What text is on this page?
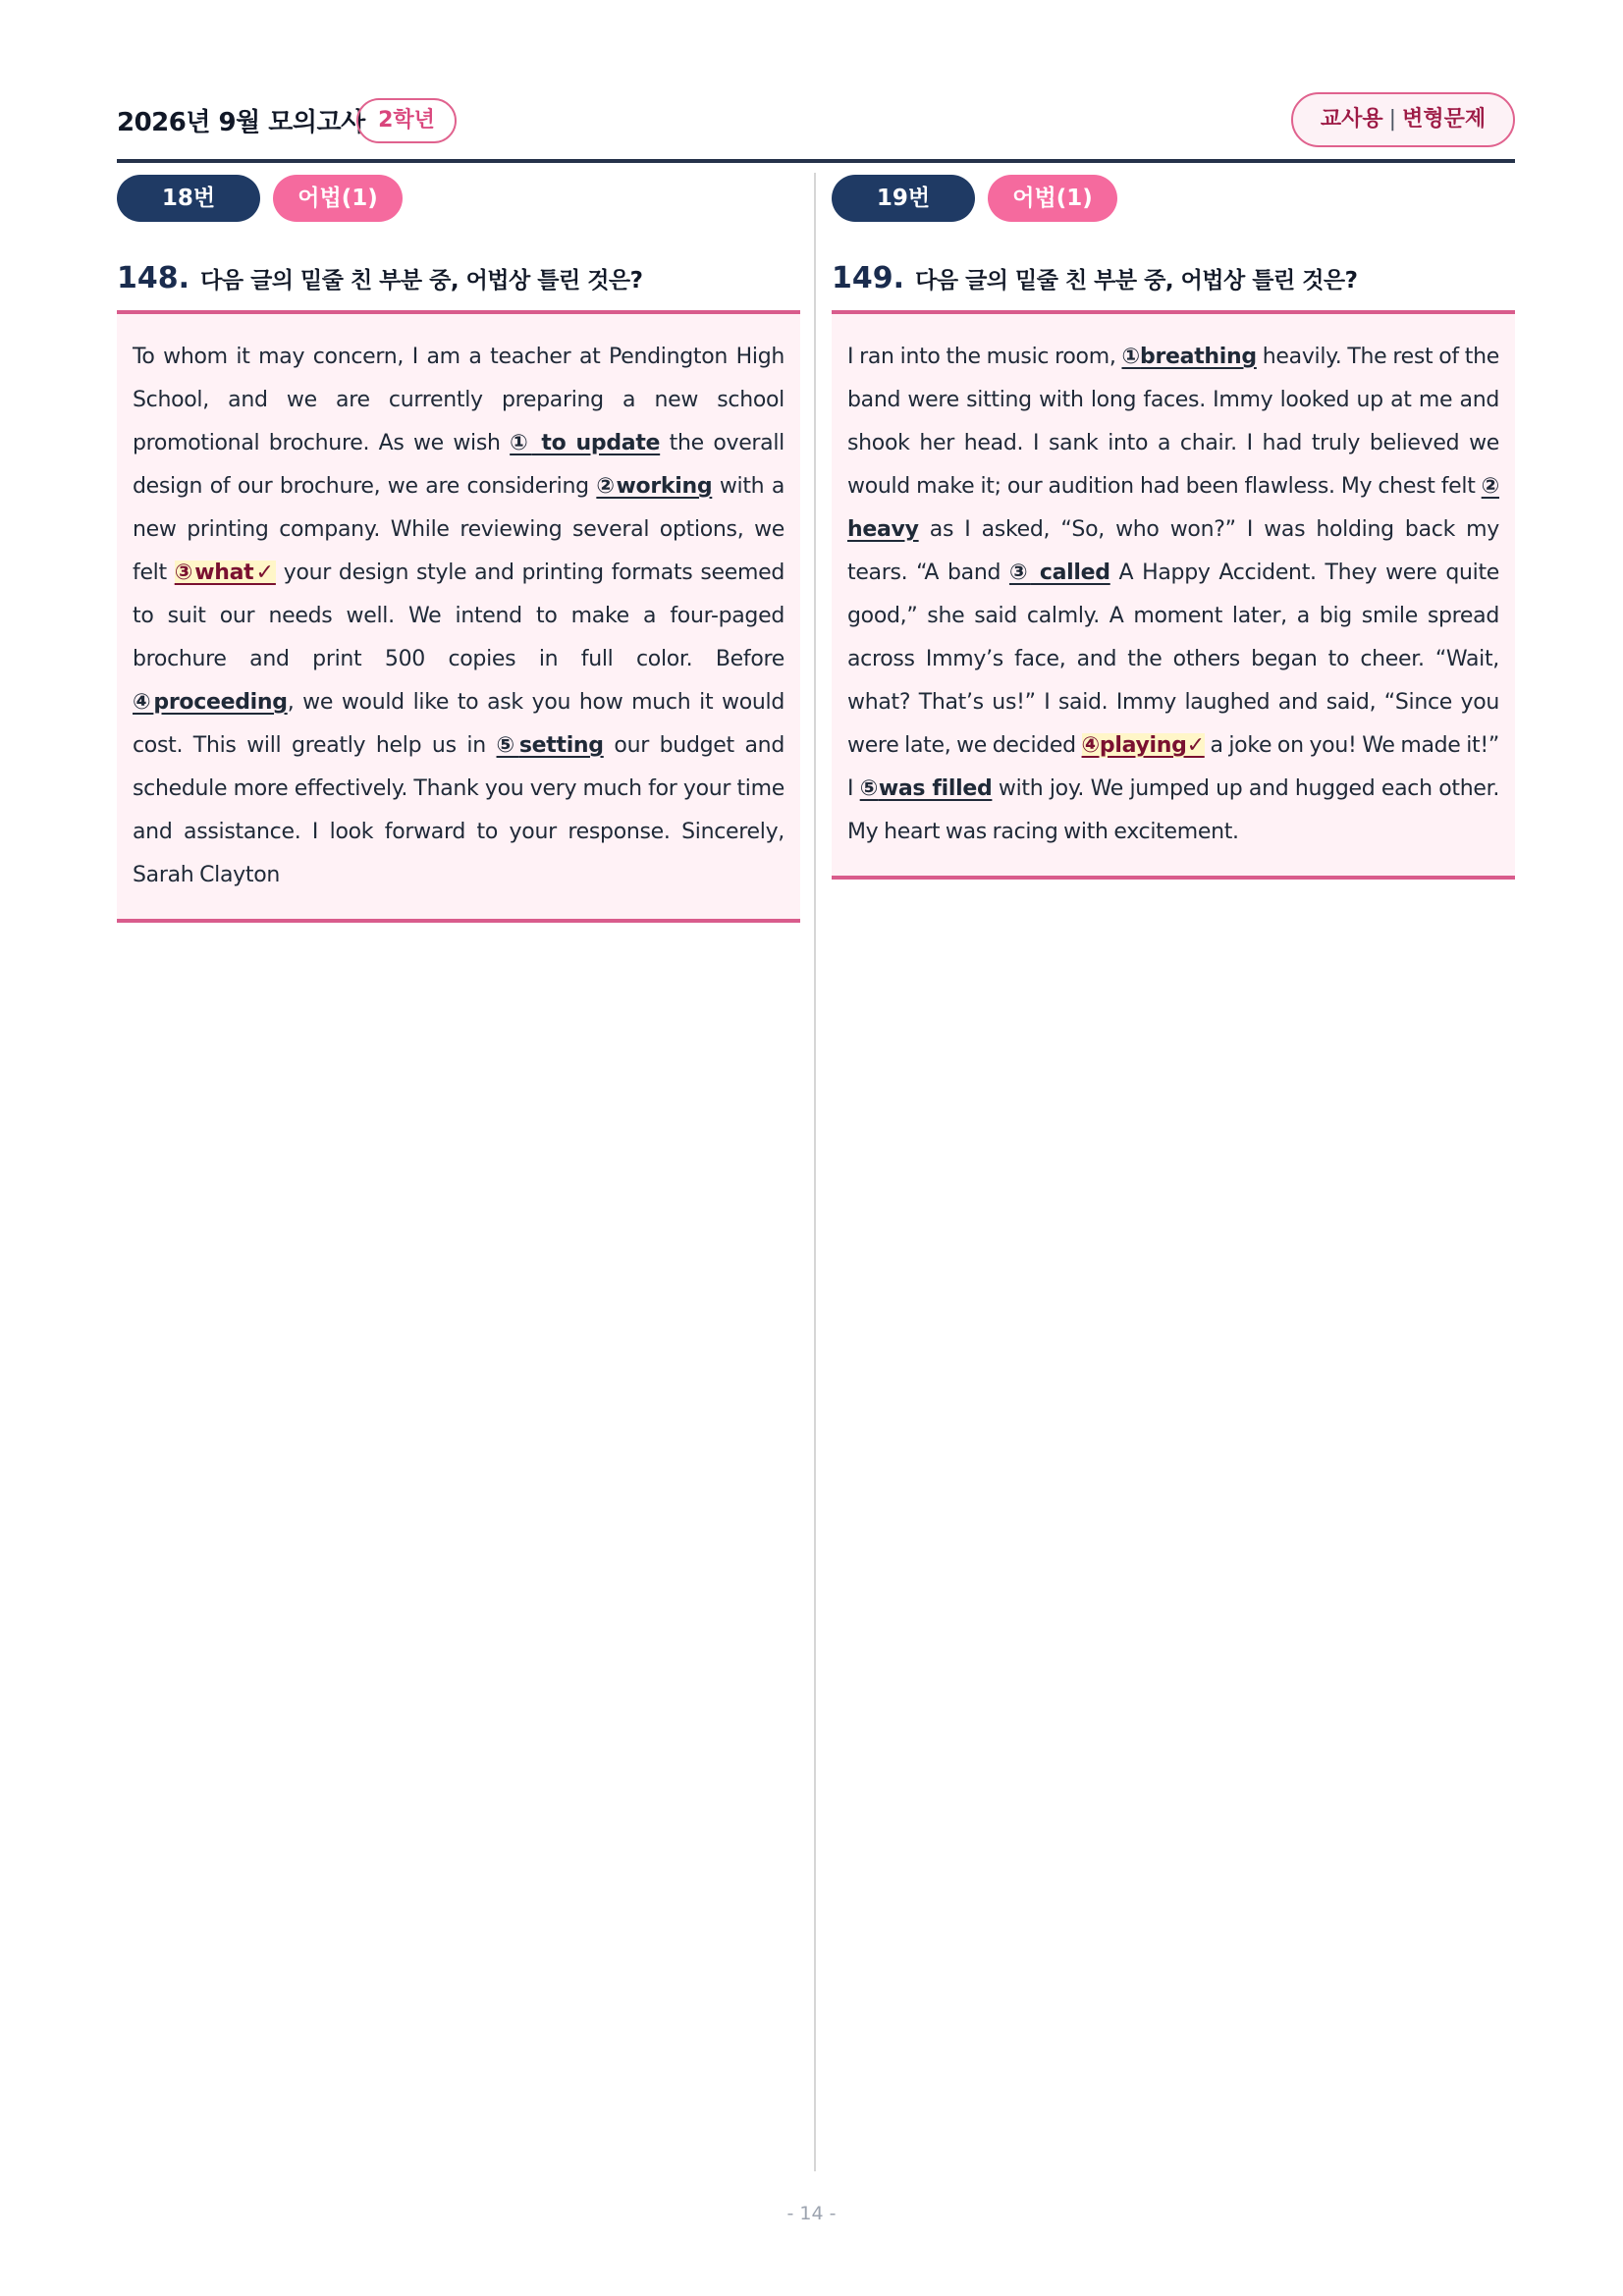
2026년 9월 모의고사 2학년	교사용 | 변형문제
18번	어법(1)
148. 다음 글의 밑줄 친 부분 중, 어법상 틀린 것은?
To whom it may concern, I am a teacher at Pendington High School, and we are currently preparing a new school promotional brochure. As we wish ① to update the overall design of our brochure, we are considering ②working with a new printing company. While reviewing several options, we felt ③what✓ your design style and printing formats seemed to suit our needs well. We intend to make a four-paged brochure and print 500 copies in full color. Before ④proceeding, we would like to ask you how much it would cost. This will greatly help us in ⑤setting our budget and schedule more effectively. Thank you very much for your time and assistance. I look forward to your response. Sincerely, Sarah Clayton
19번	어법(1)
149. 다음 글의 밑줄 친 부분 중, 어법상 틀린 것은?
I ran into the music room, ①breathing heavily. The rest of the band were sitting with long faces. Immy looked up at me and shook her head. I sank into a chair. I had truly believed we would make it; our audition had been flawless. My chest felt ② heavy as I asked, “So, who won?” I was holding back my tears. “A band ③ called A Happy Accident. They were quite good,” she said calmly. A moment later, a big smile spread across Immy’s face, and the others began to cheer. “Wait, what? That’s us!” I said. Immy laughed and said, “Since you were late, we decided ④playing✓ a joke on you! We made it!” I ⑤was filled with joy. We jumped up and hugged each other. My heart was racing with excitement.
- 14 -
